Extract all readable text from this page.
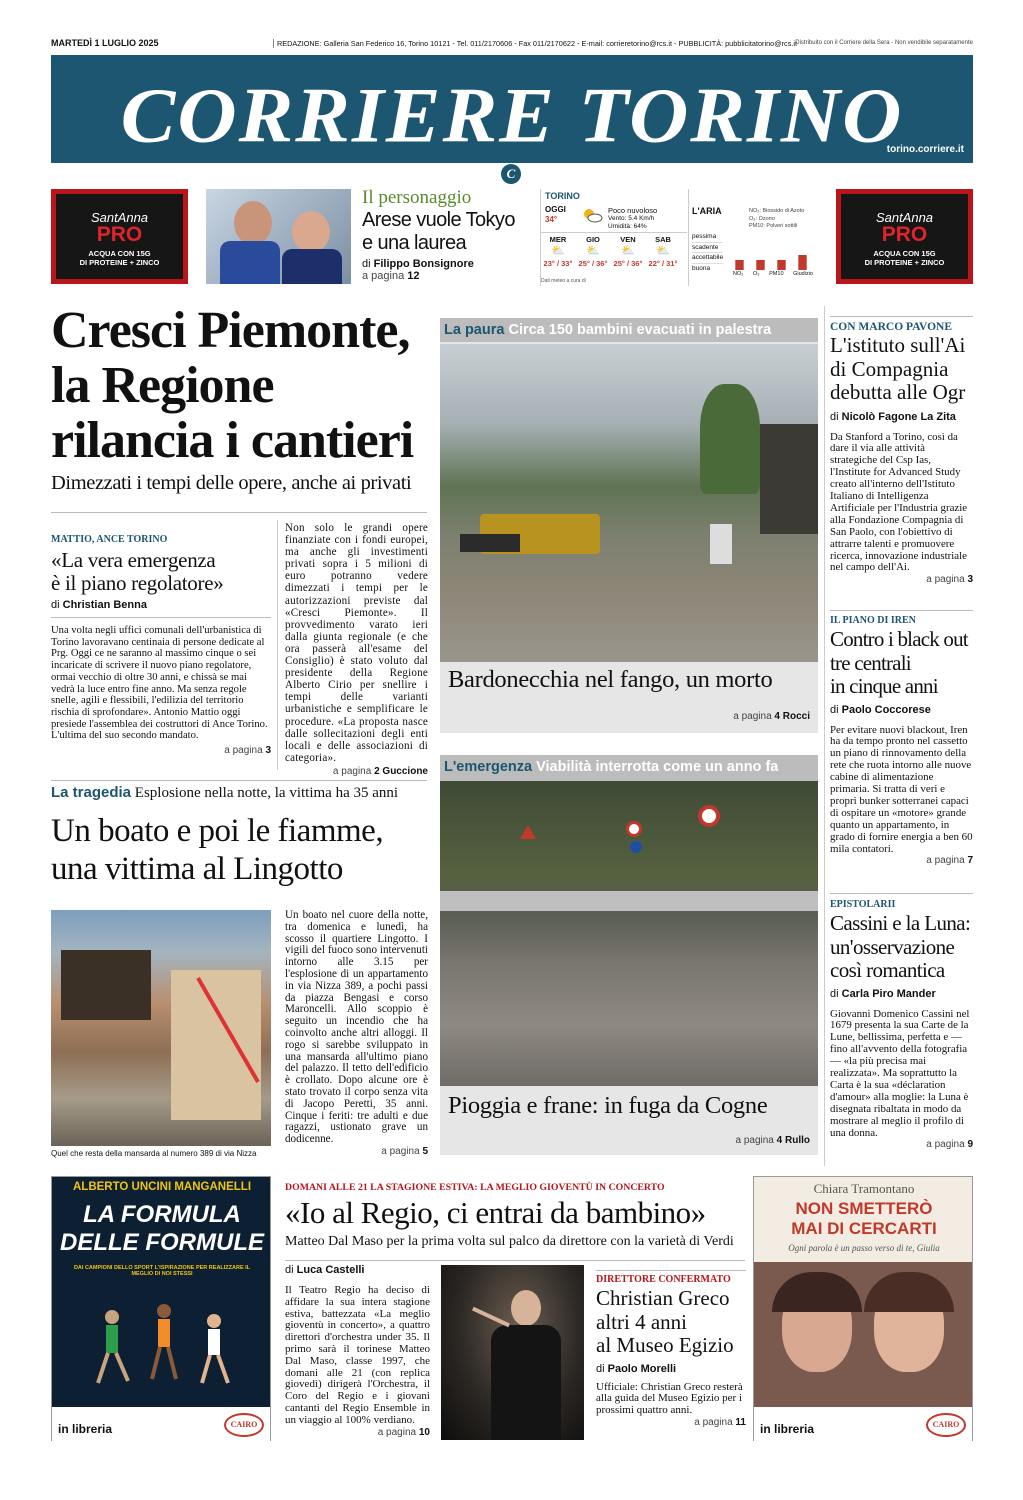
MARTEDÌ 1 LUGLIO 2025	REDAZIONE: Galleria San Federico 16, Torino 10121 - Tel. 011/2170606 - Fax 011/2170622 - E-mail: corrieretorino@rcs.it - PUBBLICITÀ: pubblicitatorino@rcs.it
Distribuito con il Corriere della Sera - Non vendibile separatamente
CORRIERE TORINO
torino.corriere.it
C
SantAnna
PRO
ACQUA CON 15G
DI PROTEINE + ZINCO
SantAnna
PRO
ACQUA CON 15G
DI PROTEINE + ZINCO
Il personaggio
Arese vuole Tokyo
e una laurea
di Filippo Bonsignore
a pagina 12
TORINO
OGGI
34°
Poco nuvoloso
Vento: 5.4 Km/h
Umidità: 64%
MER
⛅
23° / 33°
GIO
⛅
25° / 36°
VEN
⛅
25° / 36°
SAB
⛅
22° / 31°
Dati meteo a cura di
L'ARIA	NO₂: Biossido di Azoto
O₃: Ozono
PM10: Polveri sottili
pessima
scadente
accettabile
buona
NO₂ O₃ PM10 Giudizio
Cresci Piemonte,
la Regione
rilancia i cantieri
Dimezzati i tempi delle opere, anche ai privati
MATTIO, ANCE TORINO
«La vera emergenza
è il piano regolatore»
di Christian Benna
Una volta negli uffici comunali dell'urbanistica di Torino lavoravano centinaia di persone dedicate al Prg. Oggi ce ne saranno al massimo cinque o sei incaricate di scrivere il nuovo piano regolatore, ormai vecchio di oltre 30 anni, e chissà se mai vedrà la luce entro fine anno. Ma senza regole snelle, agili e flessibili, l'edilizia del territorio rischia di sprofondare». Antonio Mattio oggi presiede l'assemblea dei costruttori di Ance Torino. L'ultima del suo secondo mandato.
a pagina 3
Non solo le grandi opere finanziate con i fondi europei, ma anche gli investimenti privati sopra i 5 milioni di euro potranno vedere dimezzati i tempi per le autorizzazioni previste dal «Cresci Piemonte». Il provvedimento varato ieri dalla giunta regionale (e che ora passerà all'esame del Consiglio) è stato voluto dal presidente della Regione Alberto Cirio per snellire i tempi delle varianti urbanistiche e semplificare le procedure. «La proposta nasce dalle sollecitazioni degli enti locali e delle associazioni di categoria».
a pagina 2 Guccione
La paura Circa 150 bambini evacuati in palestra
Bardonecchia nel fango, un morto
a pagina 4 Rocci
L'emergenza Viabilità interrotta come un anno fa
Pioggia e frane: in fuga da Cogne
a pagina 4 Rullo
La tragedia Esplosione nella notte, la vittima ha 35 anni
Un boato e poi le fiamme,
una vittima al Lingotto
Quel che resta della mansarda al numero 389 di via Nizza
Un boato nel cuore della notte, tra domenica e lunedì, ha scosso il quartiere Lingotto. I vigili del fuoco sono intervenuti intorno alle 3.15 per l'esplosione di un appartamento in via Nizza 389, a pochi passi da piazza Bengasi e corso Maroncelli. Allo scoppio è seguito un incendio che ha coinvolto anche altri alloggi. Il rogo si sarebbe sviluppato in una mansarda all'ultimo piano del palazzo. Il tetto dell'edificio è crollato. Dopo alcune ore è stato trovato il corpo senza vita di Jacopo Peretti, 35 anni. Cinque i feriti: tre adulti e due ragazzi, ustionato grave un dodicenne.
a pagina 5
CON MARCO PAVONE
L'istituto sull'Ai
di Compagnia
debutta alle Ogr
di Nicolò Fagone La Zita
Da Stanford a Torino, così da dare il via alle attività strategiche del Csp Ias, l'Institute for Advanced Study creato all'interno dell'Istituto Italiano di Intelligenza Artificiale per l'Industria grazie alla Fondazione Compagnia di San Paolo, con l'obiettivo di attrarre talenti e promuovere ricerca, innovazione industriale nel campo dell'Ai.
a pagina 3
IL PIANO DI IREN
Contro i black out
tre centrali
in cinque anni
di Paolo Coccorese
Per evitare nuovi blackout, Iren ha da tempo pronto nel cassetto un piano di rinnovamento della rete che ruota intorno alle nuove cabine di alimentazione primaria. Si tratta di veri e propri bunker sotterranei capaci di ospitare un «motore» grande quanto un appartamento, in grado di fornire energia a ben 60 mila contatori.
a pagina 7
EPISTOLARII
Cassini e la Luna:
un'osservazione
così romantica
di Carla Piro Mander
Giovanni Domenico Cassini nel 1679 presenta la sua Carte de la Lune, bellissima, perfetta e — fino all'avvento della fotografia — «la più precisa mai realizzata». Ma soprattutto la Carta è la sua «déclaration d'amour» alla moglie: la Luna è disegnata ribaltata in modo da mostrare al meglio il profilo di una donna.
a pagina 9
ALBERTO UNCINI MANGANELLI
LA FORMULA
DELLE FORMULE
DAI CAMPIONI DELLO SPORT L'ISPIRAZIONE PER REALIZZARE IL MEGLIO DI NOI STESSI
in libreria	CAIRO
Chiara Tramontano
NON SMETTERÒ
MAI DI CERCARTI
Ogni parola è un passo verso di te, Giulia
in libreria	CAIRO
DOMANI ALLE 21 LA STAGIONE ESTIVA: LA MEGLIO GIOVENTÙ IN CONCERTO
«Io al Regio, ci entrai da bambino»
Matteo Dal Maso per la prima volta sul palco da direttore con la varietà di Verdi
di Luca Castelli
Il Teatro Regio ha deciso di affidare la sua intera stagione estiva, battezzata «La meglio gioventù in concerto», a quattro direttori d'orchestra under 35. Il primo sarà il torinese Matteo Dal Maso, classe 1997, che domani alle 21 (con replica giovedì) dirigerà l'Orchestra, il Coro del Regio e i giovani cantanti del Regio Ensemble in un viaggio al 100% verdiano.
a pagina 10
DIRETTORE CONFERMATO
Christian Greco
altri 4 anni
al Museo Egizio
di Paolo Morelli
Ufficiale: Christian Greco resterà alla guida del Museo Egizio per i prossimi quattro anni.
a pagina 11
